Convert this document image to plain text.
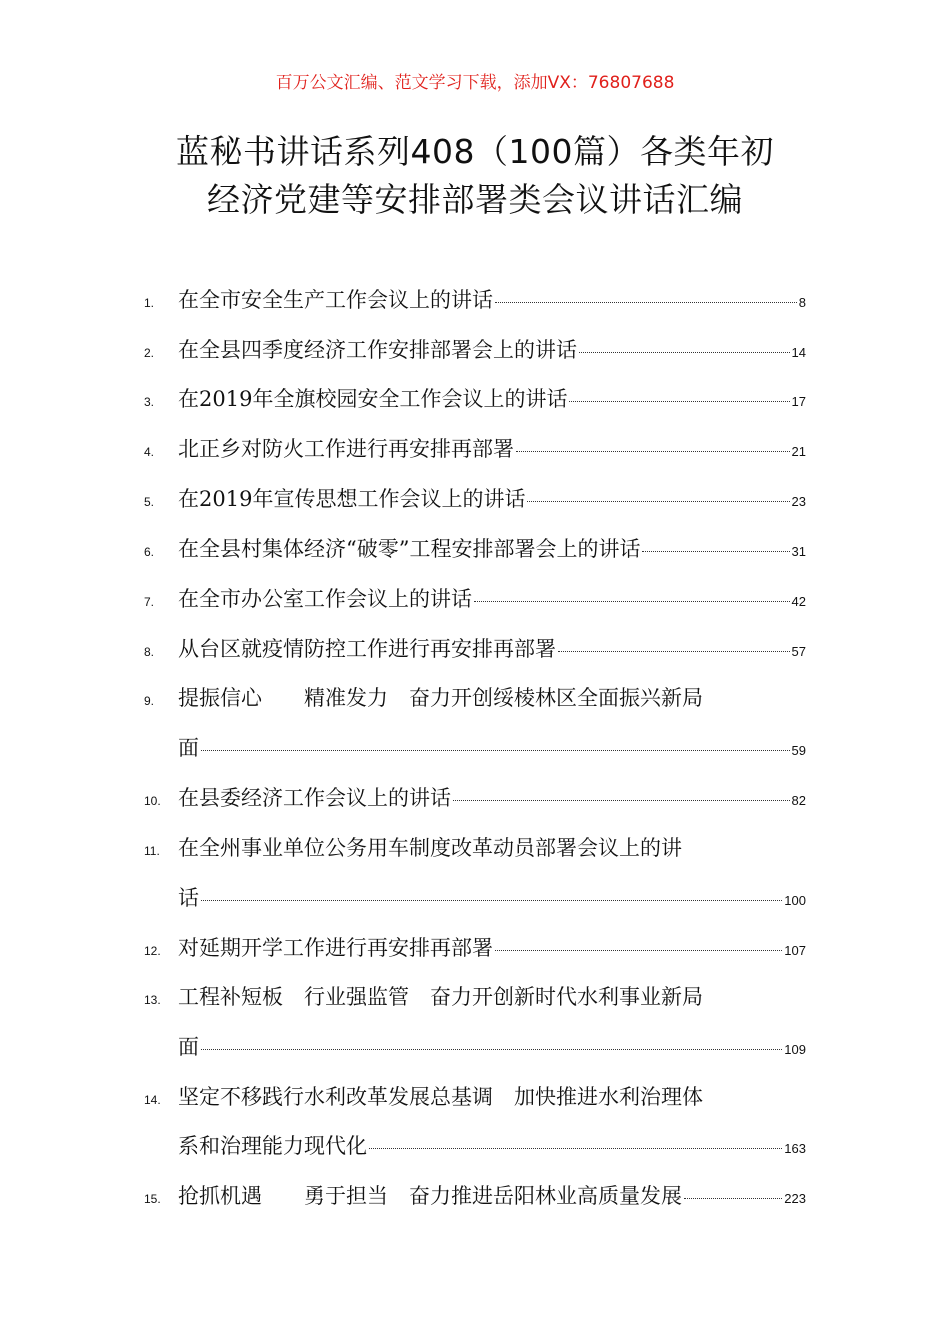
百万公文汇编、范文学习下载，添加VX：76807688
蓝秘书讲话系列408（100篇）各类年初
经济党建等安排部署类会议讲话汇编
1. 在全市安全生产工作会议上的讲话	8
2. 在全县四季度经济工作安排部署会上的讲话	14
3. 在2019年全旗校园安全工作会议上的讲话	17
4. 北正乡对防火工作进行再安排再部署	21
5. 在2019年宣传思想工作会议上的讲话	23
6. 在全县村集体经济“破零”工程安排部署会上的讲话	31
7. 在全市办公室工作会议上的讲话	42
8. 从台区就疫情防控工作进行再安排再部署	57
9. 提振信心　　精准发力　奋力开创绥棱林区全面振兴新局
面	59
10. 在县委经济工作会议上的讲话	82
11. 在全州事业单位公务用车制度改革动员部署会议上的讲
话	100
12. 对延期开学工作进行再安排再部署	107
13. 工程补短板　行业强监管　奋力开创新时代水利事业新局
面	109
14. 坚定不移践行水利改革发展总基调　加快推进水利治理体
系和治理能力现代化	163
15. 抢抓机遇　　勇于担当　奋力推进岳阳林业高质量发展	223
